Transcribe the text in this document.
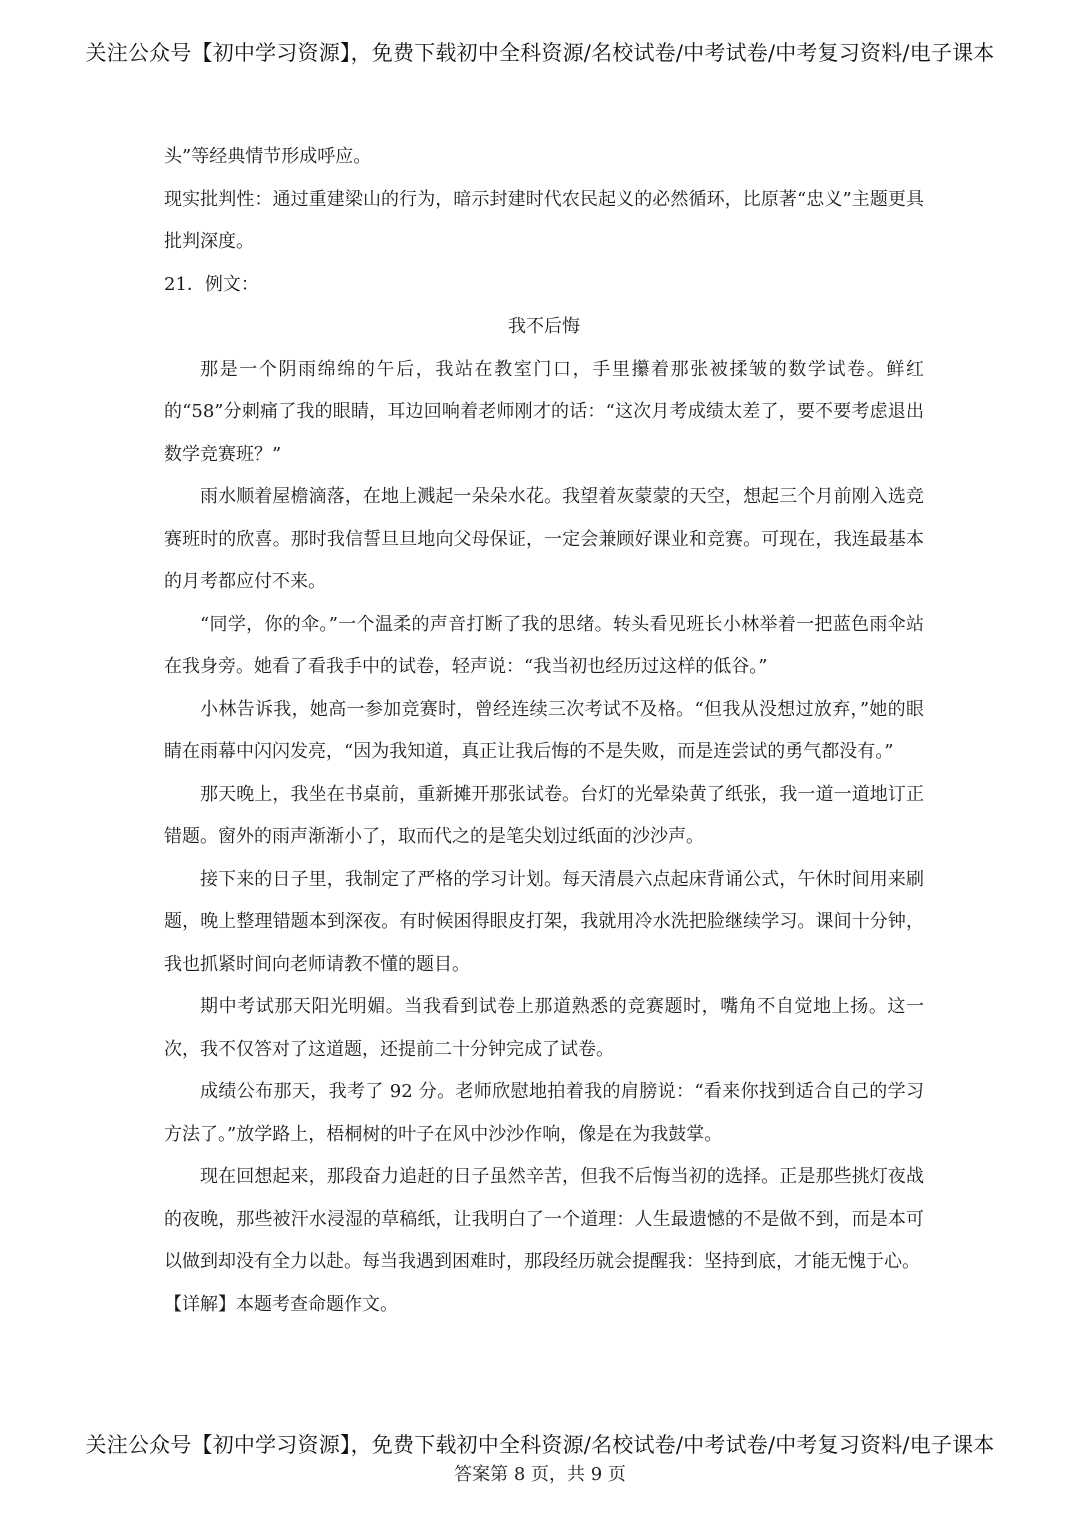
关注公众号【初中学习资源】，免费下载初中全科资源/名校试卷/中考试卷/中考复习资料/电子课本

头”等经典情节形成呼应。

现实批判性：通过重建梁山的行为，暗示封建时代农民起义的必然循环，比原著“忠义”主题更具批判深度。

21．例文：

我不后悔

那是一个阴雨绵绵的午后，我站在教室门口，手里攥着那张被揉皱的数学试卷。鲜红的“58”分刺痛了我的眼睛，耳边回响着老师刚才的话：“这次月考成绩太差了，要不要考虑退出数学竞赛班？”

雨水顺着屋檐滴落，在地上溅起一朵朵水花。我望着灰蒙蒙的天空，想起三个月前刚入选竞赛班时的欣喜。那时我信誓旦旦地向父母保证，一定会兼顾好课业和竞赛。可现在，我连最基本的月考都应付不来。

“同学，你的伞。”一个温柔的声音打断了我的思绪。转头看见班长小林举着一把蓝色雨伞站在我身旁。她看了看我手中的试卷，轻声说：“我当初也经历过这样的低谷。”

小林告诉我，她高一参加竞赛时，曾经连续三次考试不及格。“但我从没想过放弃，”她的眼睛在雨幕中闪闪发亮，“因为我知道，真正让我后悔的不是失败，而是连尝试的勇气都没有。”

那天晚上，我坐在书桌前，重新摊开那张试卷。台灯的光晕染黄了纸张，我一道一道地订正错题。窗外的雨声渐渐小了，取而代之的是笔尖划过纸面的沙沙声。

接下来的日子里，我制定了严格的学习计划。每天清晨六点起床背诵公式，午休时间用来刷题，晚上整理错题本到深夜。有时候困得眼皮打架，我就用冷水洗把脸继续学习。课间十分钟，我也抓紧时间向老师请教不懂的题目。

期中考试那天阳光明媚。当我看到试卷上那道熟悉的竞赛题时，嘴角不自觉地上扬。这一次，我不仅答对了这道题，还提前二十分钟完成了试卷。

成绩公布那天，我考了 92 分。老师欣慰地拍着我的肩膀说：“看来你找到适合自己的学习方法了。”放学路上，梧桐树的叶子在风中沙沙作响，像是在为我鼓掌。

现在回想起来，那段奋力追赶的日子虽然辛苦，但我不后悔当初的选择。正是那些挑灯夜战的夜晚，那些被汗水浸湿的草稿纸，让我明白了一个道理：人生最遗憾的不是做不到，而是本可以做到却没有全力以赴。每当我遇到困难时，那段经历就会提醒我：坚持到底，才能无愧于心。

【详解】本题考查命题作文。

关注公众号【初中学习资源】，免费下载初中全科资源/名校试卷/中考试卷/中考复习资料/电子课本
答案第 8 页，共 9 页
